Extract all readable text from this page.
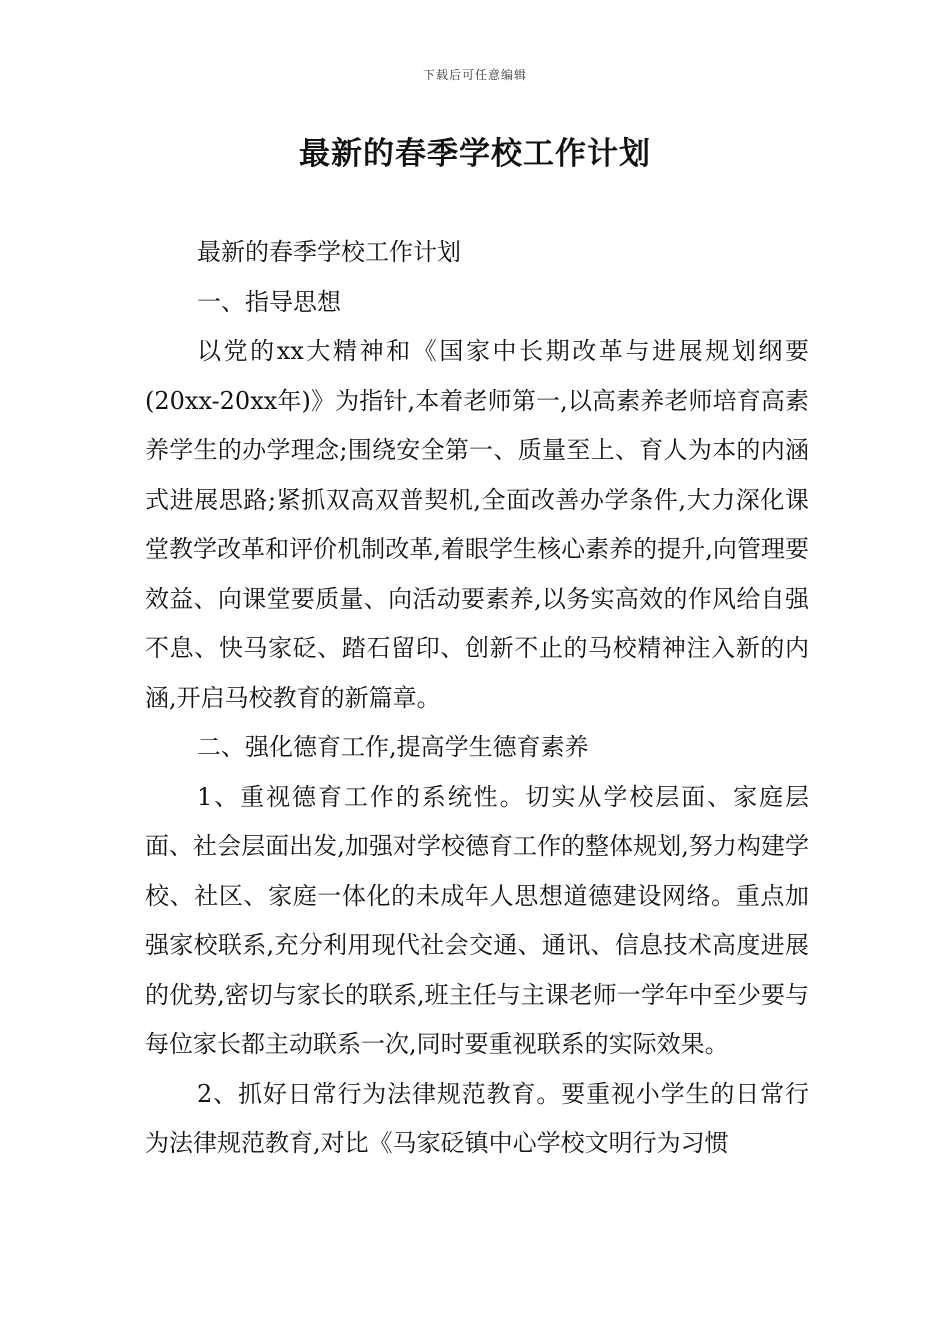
下载后可任意编辑
最新的春季学校工作计划

最新的春季学校工作计划

一、指导思想

以党的xx大精神和《国家中长期改革与进展规划纲要(20xx-20xx年)》为指针,本着老师第一,以高素养老师培育高素养学生的办学理念;围绕安全第一、质量至上、育人为本的内涵式进展思路;紧抓双高双普契机,全面改善办学条件,大力深化课堂教学改革和评价机制改革,着眼学生核心素养的提升,向管理要效益、向课堂要质量、向活动要素养,以务实高效的作风给自强不息、快马家砭、踏石留印、创新不止的马校精神注入新的内涵,开启马校教育的新篇章。

二、强化德育工作,提高学生德育素养

1、重视德育工作的系统性。切实从学校层面、家庭层面、社会层面出发,加强对学校德育工作的整体规划,努力构建学校、社区、家庭一体化的未成年人思想道德建设网络。重点加强家校联系,充分利用现代社会交通、通讯、信息技术高度进展的优势,密切与家长的联系,班主任与主课老师一学年中至少要与每位家长都主动联系一次,同时要重视联系的实际效果。

2、抓好日常行为法律规范教育。要重视小学生的日常行为法律规范教育,对比《马家砭镇中心学校文明行为习惯
